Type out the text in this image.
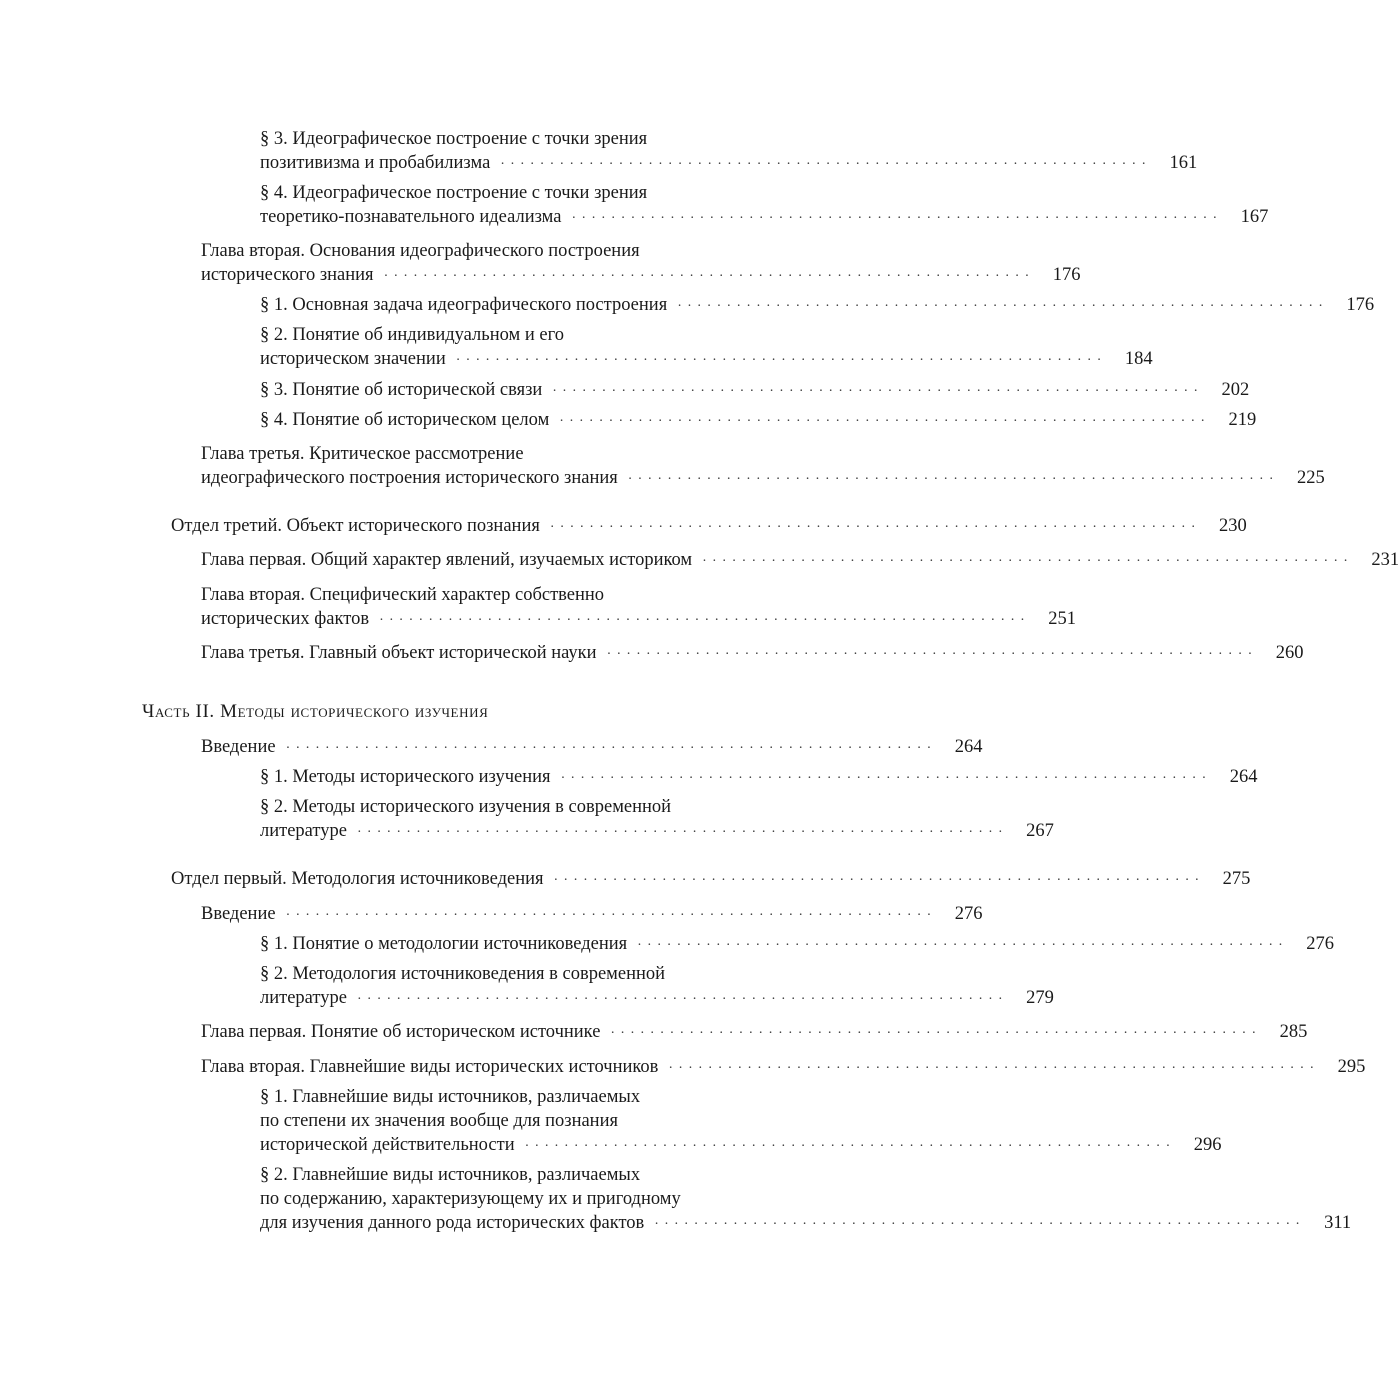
§ 3. Идеографическое построение с точки зрения
позитивизма и пробабилизма ·································································· 161
§ 4. Идеографическое построение с точки зрения
теоретико-познавательного идеализма ·································································· 167
Глава вторая. Основания идеографического построения
исторического знания ·································································· 176
§ 1. Основная задача идеографического построения ·································································· 176
§ 2. Понятие об индивидуальном и его
историческом значении ·································································· 184
§ 3. Понятие об исторической связи ·································································· 202
§ 4. Понятие об историческом целом ·································································· 219
Глава третья. Критическое рассмотрение
идеографического построения исторического знания ·································································· 225
Отдел третий. Объект исторического познания ·································································· 230
Глава первая. Общий характер явлений, изучаемых историком ·································································· 231
Глава вторая. Специфический характер собственно
исторических фактов ·································································· 251
Глава третья. Главный объект исторической науки ·································································· 260
Часть II. Методы исторического изучения
Введение ·································································· 264
§ 1. Методы исторического изучения ·································································· 264
§ 2. Методы исторического изучения в современной
литературе ·································································· 267
Отдел первый. Методология источниковедения ·································································· 275
Введение ·································································· 276
§ 1. Понятие о методологии источниковедения ·································································· 276
§ 2. Методология источниковедения в современной
литературе ·································································· 279
Глава первая. Понятие об историческом источнике ·································································· 285
Глава вторая. Главнейшие виды исторических источников ·································································· 295
§ 1. Главнейшие виды источников, различаемых
по степени их значения вообще для познания
исторической действительности ·································································· 296
§ 2. Главнейшие виды источников, различаемых
по содержанию, характеризующему их и пригодному
для изучения данного рода исторических фактов ··································································	311
